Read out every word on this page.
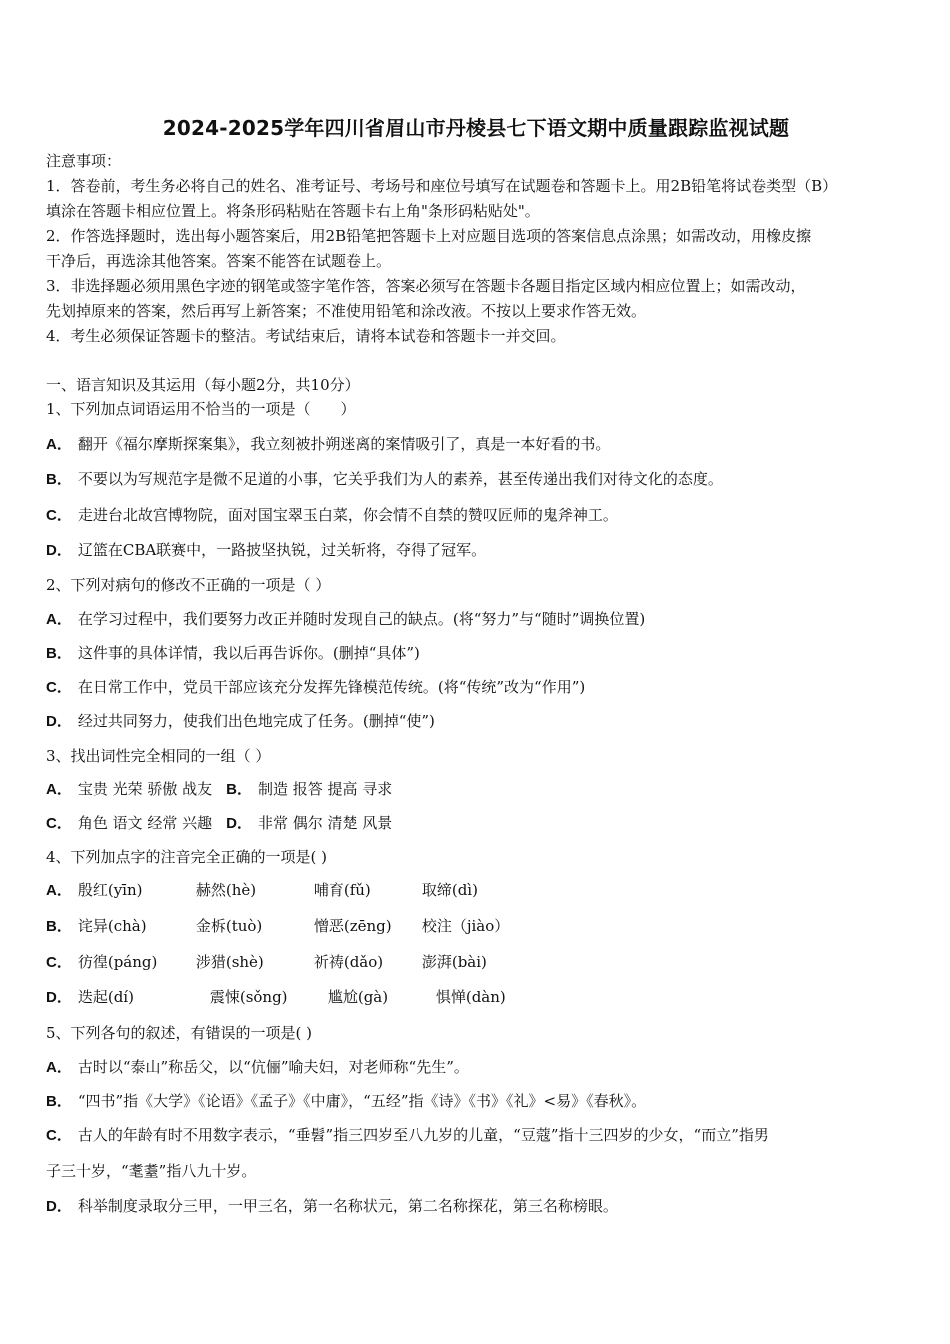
2024-2025学年四川省眉山市丹棱县七下语文期中质量跟踪监视试题
注意事项：
1．答卷前，考生务必将自己的姓名、准考证号、考场号和座位号填写在试题卷和答题卡上。用2B铅笔将试卷类型（B）
填涂在答题卡相应位置上。将条形码粘贴在答题卡右上角"条形码粘贴处"。
2．作答选择题时，选出每小题答案后，用2B铅笔把答题卡上对应题目选项的答案信息点涂黑；如需改动，用橡皮擦
干净后，再选涂其他答案。答案不能答在试题卷上。
3．非选择题必须用黑色字迹的钢笔或签字笔作答，答案必须写在答题卡各题目指定区域内相应位置上；如需改动，
先划掉原来的答案，然后再写上新答案；不准使用铅笔和涂改液。不按以上要求作答无效。
4．考生必须保证答题卡的整洁。考试结束后，请将本试卷和答题卡一并交回。
一、语言知识及其运用（每小题2分，共10分）
1、下列加点词语运用不恰当的一项是（　　）
A． 翻开《福尔摩斯探案集》，我立刻被扑朔迷离的案情吸引了，真是一本好看的书。
B． 不要以为写规范字是微不足道的小事，它关乎我们为人的素养，甚至传递出我们对待文化的态度。
C． 走进台北故宫博物院，面对国宝翠玉白菜，你会情不自禁的赞叹匠师的鬼斧神工。
D． 辽篮在CBA联赛中，一路披坚执锐，过关斩将，夺得了冠军。
2、下列对病句的修改不正确的一项是（ ）
A． 在学习过程中，我们要努力改正并随时发现自己的缺点。(将“努力”与“随时”调换位置)
B． 这件事的具体详情，我以后再告诉你。(删掉“具体”)
C． 在日常工作中，党员干部应该充分发挥先锋模范传统。(将“传统”改为“作用”)
D． 经过共同努力，使我们出色地完成了任务。(删掉“使”)
3、找出词性完全相同的一组（ ）
A． 宝贵 光荣 骄傲 战友 B． 制造 报答 提高 寻求
C． 角色 语文 经常 兴趣 D． 非常 偶尔 清楚 风景
4、下列加点字的注音完全正确的一项是( )
A． 殷红(yīn)	赫然(hè)	哺育(fǔ)	取缔(dì)
B． 诧异(chà)	金柝(tuò)	憎恶(zēng) 校注（jiào）
C． 彷徨(páng)	涉猎(shè)	祈祷(dǎo)	澎湃(bài)
D． 迭起(dí)	震悚(sǒng)	尴尬(gà)	惧惮(dàn)
5、下列各句的叙述，有错误的一项是( )
A． 古时以“泰山”称岳父，以“伉俪”喻夫妇，对老师称“先生”。
B． “四书”指《大学》《论语》《孟子》《中庸》，“五经”指《诗》《书》《礼》<易》《春秋》。
C． 古人的年龄有时不用数字表示，“垂髫”指三四岁至八九岁的儿童，“豆蔻”指十三四岁的少女，“而立”指男
子三十岁，“耄耋”指八九十岁。
D． 科举制度录取分三甲，一甲三名，第一名称状元，第二名称探花，第三名称榜眼。
